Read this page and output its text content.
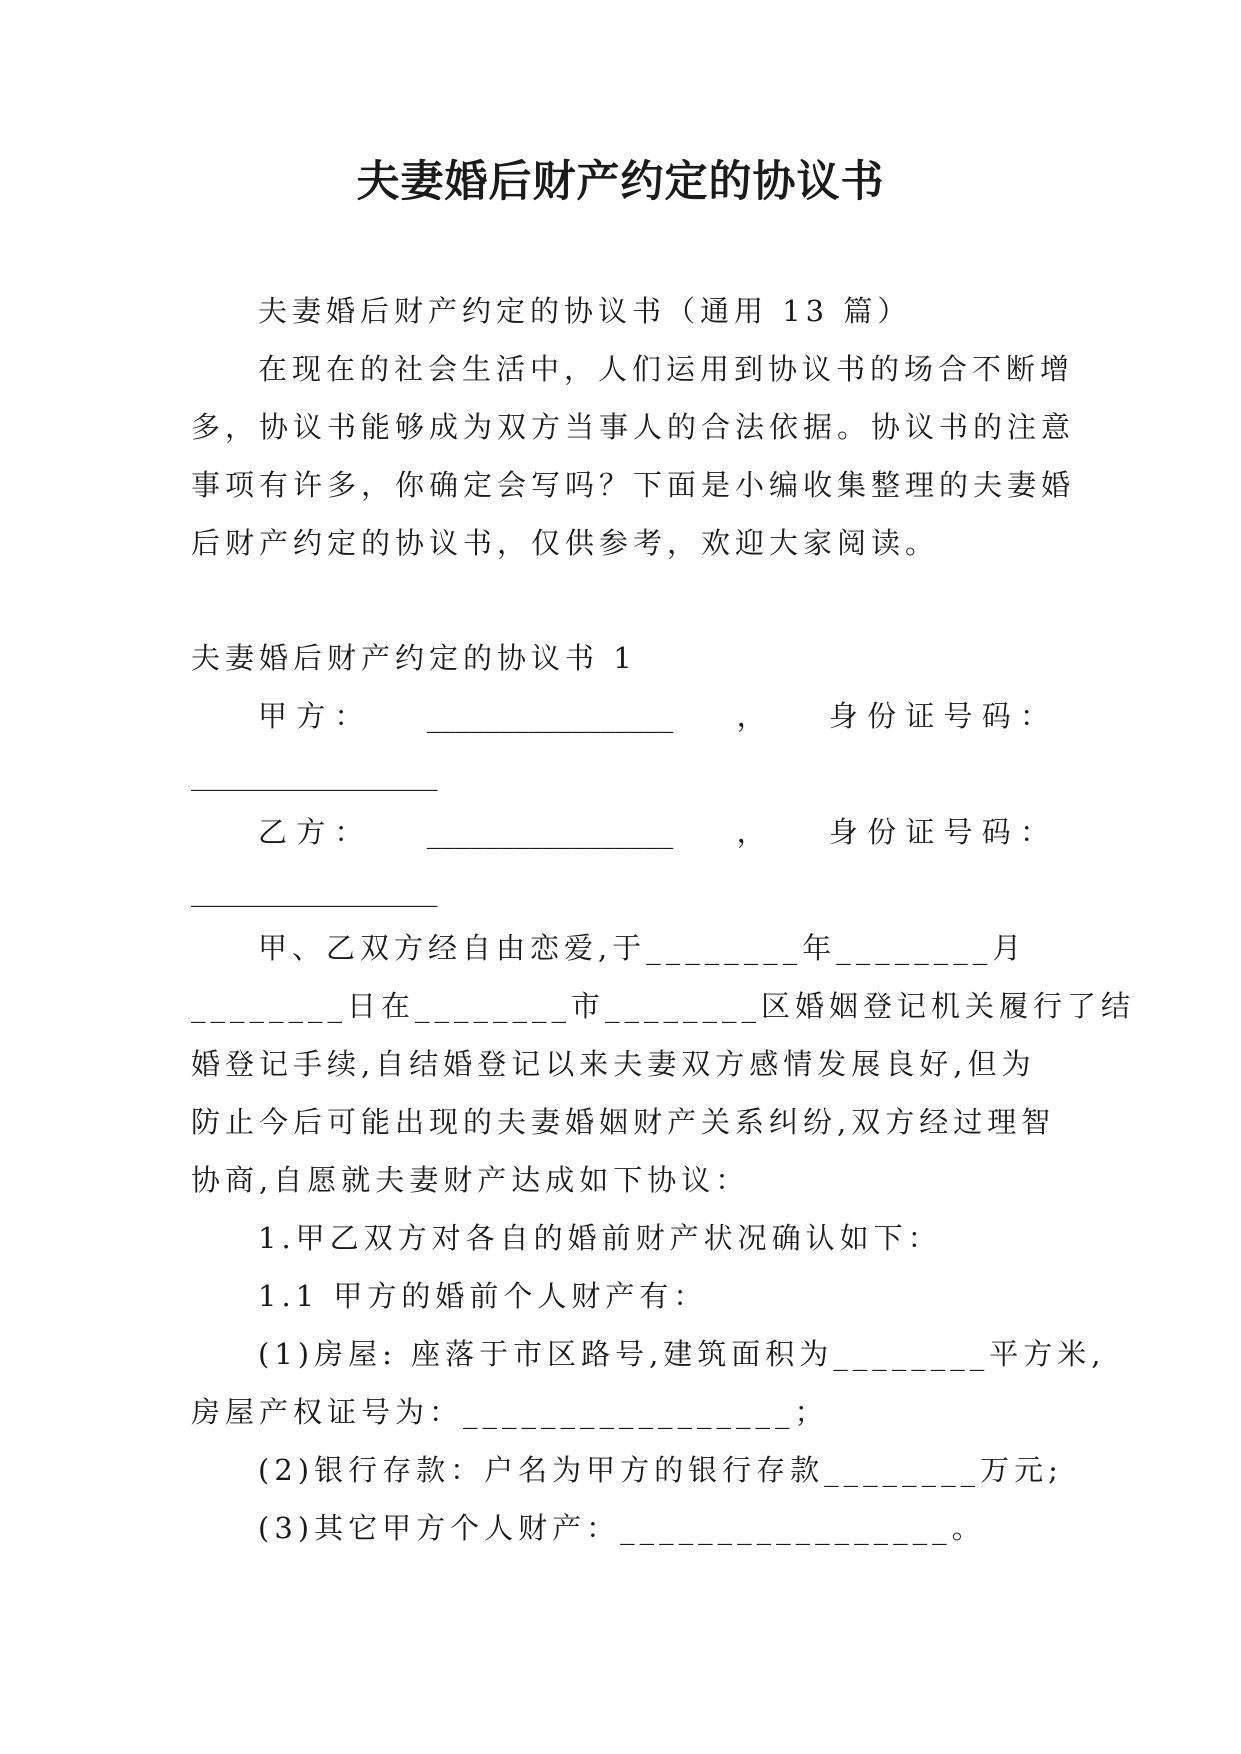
夫妻婚后财产约定的协议书
夫妻婚后财产约定的协议书（通用 13 篇）
在现在的社会生活中，人们运用到协议书的场合不断增
多，协议书能够成为双方当事人的合法依据。协议书的注意
事项有许多，你确定会写吗？下面是小编收集整理的夫妻婚
后财产约定的协议书，仅供参考，欢迎大家阅读。
夫妻婚后财产约定的协议书 1
甲 方 ： _________________ ， 身 份 证 号 码 ：
_________________
乙 方 ： _________________ ， 身 份 证 号 码 ：
_________________
甲、乙双方经自由恋爱,于________年________月
________日在________市________区婚姻登记机关履行了结
婚登记手续,自结婚登记以来夫妻双方感情发展良好,但为
防止今后可能出现的夫妻婚姻财产关系纠纷,双方经过理智
协商,自愿就夫妻财产达成如下协议：
1.甲乙双方对各自的婚前财产状况确认如下：
1.1 甲方的婚前个人财产有：
(1)房屋: 座落于市区路号,建筑面积为________平方米,
房屋产权证号为：_________________；
(2)银行存款：户名为甲方的银行存款________万元;
(3)其它甲方个人财产：_________________。
